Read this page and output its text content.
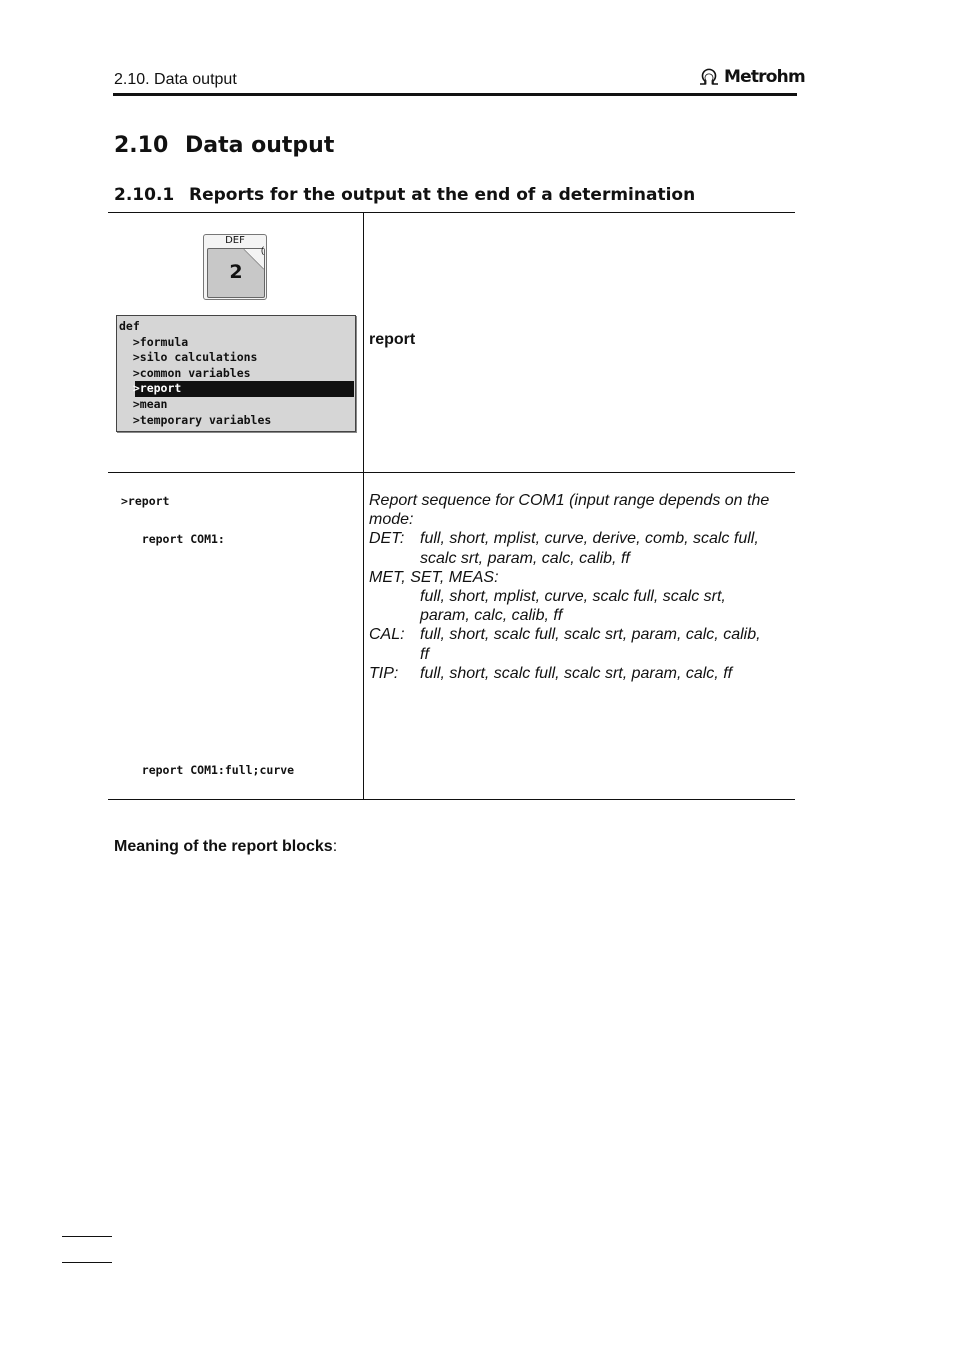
2.10. Data output	Metrohm
2.10 Data output
2.10.1 Reports for the output at the end of a determination
DEF
2
(
def
>formula
>silo calculations
>common variables
>report
>mean
>temporary variables
report
>report
report COM1:
report COM1:full;curve
Report sequence for COM1 (input range depends on the mode:
DET: full, short, mplist, curve, derive, comb, scalc full,
scalc srt, param, calc, calib, ff
MET, SET, MEAS:
full, short, mplist, curve, scalc full, scalc srt,
param, calc, calib, ff
CAL: full, short, scalc full, scalc srt, param, calc, calib,
ff
TIP:	full, short, scalc full, scalc srt, param, calc, ff
Meaning of the report blocks:
